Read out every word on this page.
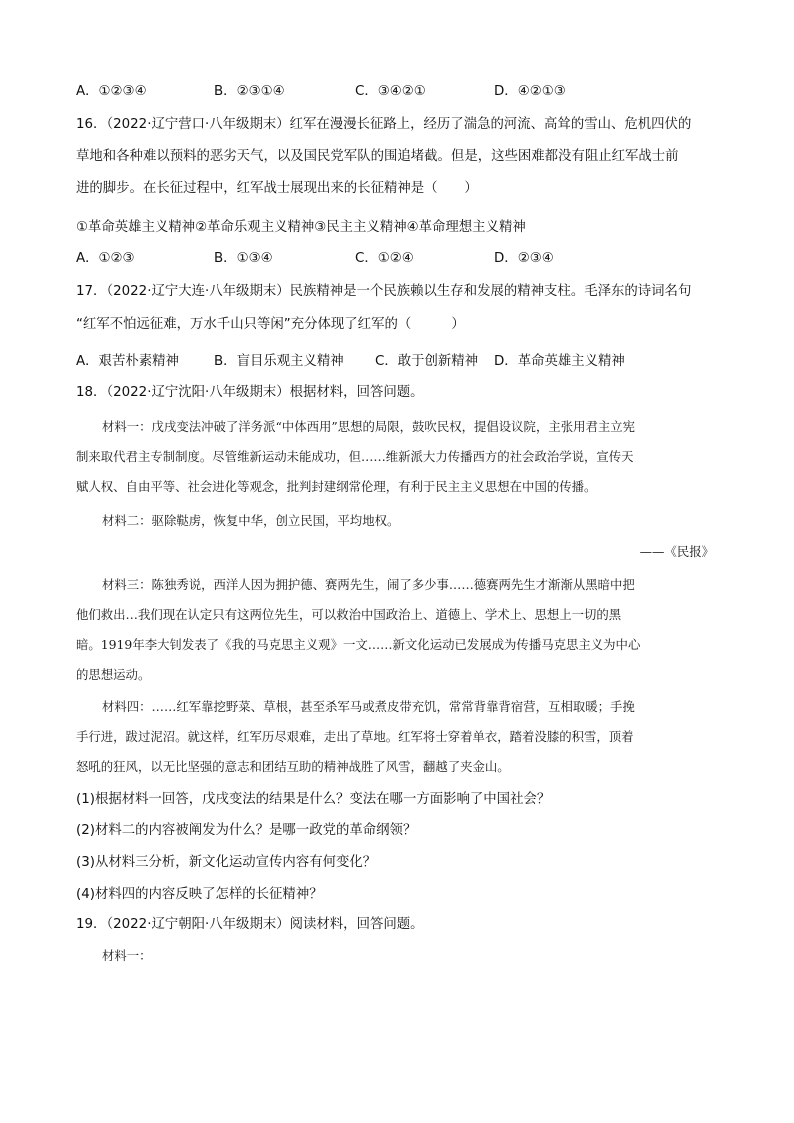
A．①②③④	B．②③①④	C．③④②①	D．④②①③
16．（2022·辽宁营口·八年级期末）红军在漫漫长征路上，经历了湍急的河流、高耸的雪山、危机四伏的
草地和各种难以预料的恶劣天气，以及国民党军队的围追堵截。但是，这些困难都没有阻止红军战士前
进的脚步。在长征过程中，红军战士展现出来的长征精神是（　　）
①革命英雄主义精神②革命乐观主义精神③民主主义精神④革命理想主义精神
A．①②③	B．①③④	C．①②④	D．②③④
17．（2022·辽宁大连·八年级期末）民族精神是一个民族赖以生存和发展的精神支柱。毛泽东的诗词名句
“红军不怕远征难，万水千山只等闲”充分体现了红军的（　　　）
A．艰苦朴素精神	B．盲目乐观主义精神	C．敢于创新精神	D．革命英雄主义精神
18．（2022·辽宁沈阳·八年级期末）根据材料，回答问题。

材料一：戊戌变法冲破了洋务派“中体西用”思想的局限，鼓吹民权，提倡设议院，主张用君主立宪

制来取代君主专制制度。尽管维新运动未能成功，但……维新派大力传播西方的社会政治学说，宣传天

赋人权、自由平等、社会进化等观念，批判封建纲常伦理，有利于民主主义思想在中国的传播。

材料二：驱除鞑虏，恢复中华，创立民国，平均地权。

——《民报》

材料三：陈独秀说，西洋人因为拥护德、赛两先生，闹了多少事……德赛两先生才渐渐从黑暗中把

他们救出…我们现在认定只有这两位先生，可以救治中国政治上、道德上、学术上、思想上一切的黑

暗。1919年李大钊发表了《我的马克思主义观》一文……新文化运动已发展成为传播马克思主义为中心

的思想运动。

材料四：……红军靠挖野菜、草根，甚至杀军马或煮皮带充饥，常常背靠背宿营，互相取暖；手挽

手行进，跋过泥沼。就这样，红军历尽艰难，走出了草地。红军将士穿着单衣，踏着没膝的积雪，顶着

怒吼的狂风，以无比坚强的意志和团结互助的精神战胜了风雪，翻越了夹金山。

(1)根据材料一回答，戊戌变法的结果是什么？变法在哪一方面影响了中国社会？
(2)材料二的内容被阐发为什么？是哪一政党的革命纲领？
(3)从材料三分析，新文化运动宣传内容有何变化？
(4)材料四的内容反映了怎样的长征精神？
19．（2022·辽宁朝阳·八年级期末）阅读材料，回答问题。

材料一：
